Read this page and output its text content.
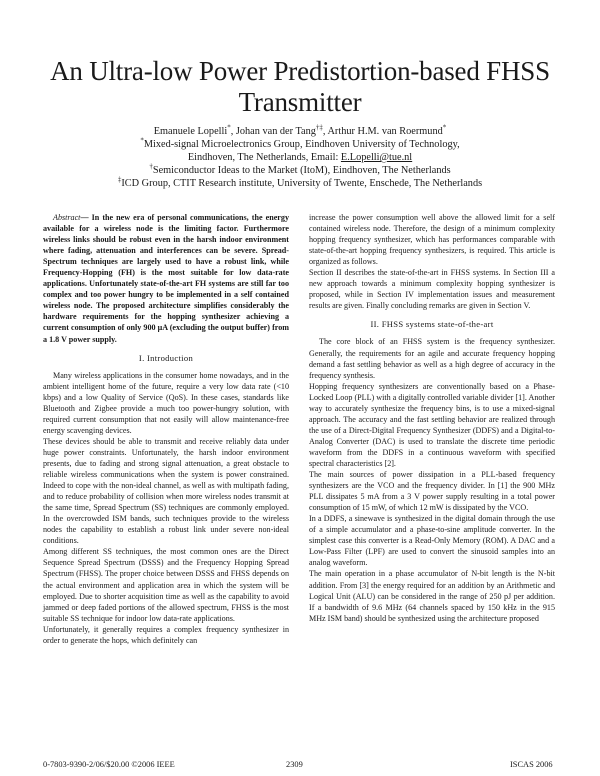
An Ultra-low Power Predistortion-based FHSS Transmitter
Emanuele Lopelli*, Johan van der Tang†‡, Arthur H.M. van Roermund*
*Mixed-signal Microelectronics Group, Eindhoven University of Technology,
Eindhoven, The Netherlands, Email: E.Lopelli@tue.nl
†Semiconductor Ideas to the Market (ItoM), Eindhoven, The Netherlands
‡ICD Group, CTIT Research institute, University of Twente, Enschede, The Netherlands

Abstract— In the new era of personal communications, the energy available for a wireless node is the limiting factor. Furthermore wireless links should be robust even in the harsh indoor environment where fading, attenuation and interferences can be severe. Spread-Spectrum techniques are largely used to have a robust link, while Frequency-Hopping (FH) is the most suitable for low data-rate applications. Unfortunately state-of-the-art FH systems are still far too complex and too power hungry to be implemented in a self contained wireless node. The proposed architecture simplifies considerably the hardware requirements for the hopping synthesizer achieving a current consumption of only 900 μA (excluding the output buffer) from a 1.8 V power supply.

I. Introduction

Many wireless applications in the consumer home nowadays, and in the ambient intelligent home of the future, require a very low data rate (<10 kbps) and a low Quality of Service (QoS). In these cases, standards like Bluetooth and Zigbee provide a much too power-hungry solution, with required current consumption that not easily will allow maintenance-free energy scavenging devices.

These devices should be able to transmit and receive reliably data under huge power constraints. Unfortunately, the harsh indoor environment presents, due to fading and strong signal attenuation, a great obstacle to reliable wireless communications when the system is power constrained. Indeed to cope with the non-ideal channel, as well as with multipath fading, and to reduce probability of collision when more wireless nodes transmit at the same time, Spread Spectrum (SS) techniques are commonly employed. In the overcrowded ISM bands, such techniques provide to the wireless nodes the capability to establish a robust link under severe non-ideal conditions.

Among different SS techniques, the most common ones are the Direct Sequence Spread Spectrum (DSSS) and the Frequency Hopping Spread Spectrum (FHSS). The proper choice between DSSS and FHSS depends on the actual environment and application area in which the system will be employed. Due to shorter acquisition time as well as the capability to avoid jammed or deep faded portions of the allowed spectrum, FHSS is the most suitable SS technique for indoor low data-rate applications.

Unfortunately, it generally requires a complex frequency synthesizer in order to generate the hops, which definitely can

increase the power consumption well above the allowed limit for a self contained wireless node. Therefore, the design of a minimum complexity hopping frequency synthesizer, which has performances comparable with state-of-the-art hopping frequency synthesizers, is required. This article is organized as follows.

Section II describes the state-of-the-art in FHSS systems. In Section III a new approach towards a minimum complexity hopping synthesizer is proposed, while in Section IV implementation issues and measurement results are given. Finally concluding remarks are given in Section V.

II. FHSS systems state-of-the-art

The core block of an FHSS system is the frequency synthesizer. Generally, the requirements for an agile and accurate frequency hopping demand a fast settling behavior as well as a high degree of accuracy in the frequency synthesis.

Hopping frequency synthesizers are conventionally based on a Phase-Locked Loop (PLL) with a digitally controlled variable divider [1]. Another way to accurately synthesize the frequency bins, is to use a mixed-signal approach. The accuracy and the fast settling behavior are realized through the use of a Direct-Digital Frequency Synthesizer (DDFS) and a Digital-to-Analog Converter (DAC) is used to translate the discrete time periodic waveform from the DDFS in a continuous waveform with specified spectral characteristics [2].

The main sources of power dissipation in a PLL-based frequency synthesizers are the VCO and the frequency divider. In [1] the 900 MHz PLL dissipates 5 mA from a 3 V power supply resulting in a total power consumption of 15 mW, of which 12 mW is dissipated by the VCO.

In a DDFS, a sinewave is synthesized in the digital domain through the use of a simple accumulator and a phase-to-sine amplitude converter. In the simplest case this converter is a Read-Only Memory (ROM). A DAC and a Low-Pass Filter (LPF) are used to convert the sinusoid samples into an analog waveform.

The main operation in a phase accumulator of N-bit length is the N-bit addition. From [3] the energy required for an addition by an Arithmetic and Logical Unit (ALU) can be considered in the range of 250 pJ per addition. If a bandwidth of 9.6 MHz (64 channels spaced by 150 kHz in the 915 MHz ISM band) should be synthesized using the architecture proposed

0-7803-9390-2/06/$20.00 ©2006 IEEE	2309	ISCAS 2006
